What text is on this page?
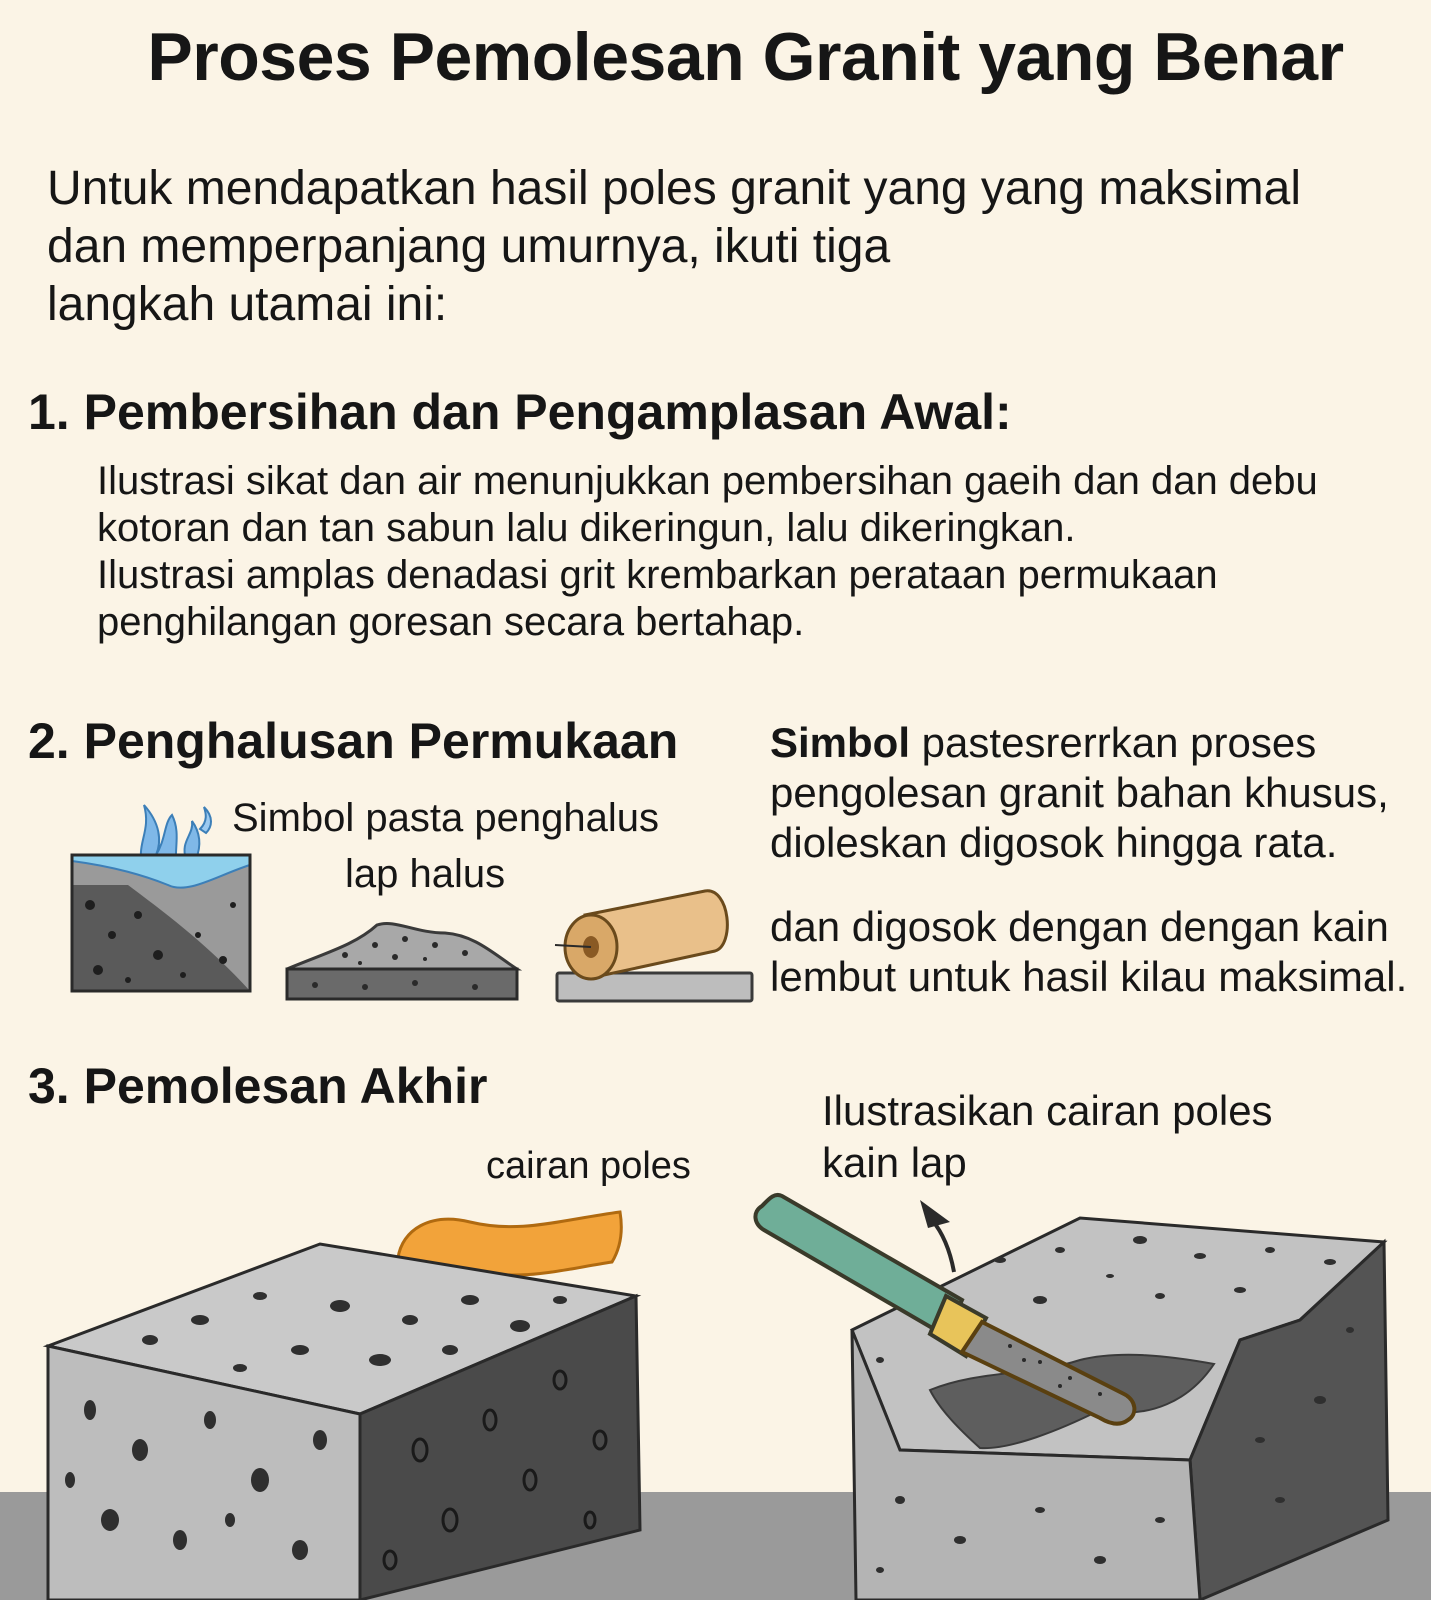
Proses Pemolesan Granit yang Benar
Untuk mendapatkan hasil poles granit yang yang maksimal
dan memperpanjang umurnya, ikuti tiga
langkah utamai ini:
1. Pembersihan dan Pengamplasan Awal:
Ilustrasi sikat dan air menunjukkan pembersihan gaeih dan dan debu
kotoran dan tan sabun lalu dikeringun, lalu dikeringkan.
Ilustrasi amplas denadasi grit krembarkan perataan permukaan
penghilangan goresan secara bertahap.
2. Penghalusan Permukaan
Simbol pasta penghalus
lap halus
Simbol pastesrerrkan proses
pengolesan granit bahan khusus,
dioleskan digosok hingga rata.
dan digosok dengan dengan kain
lembut untuk hasil kilau maksimal.
3. Pemolesan Akhir
cairan poles
Ilustrasikan cairan poles
kain lap
